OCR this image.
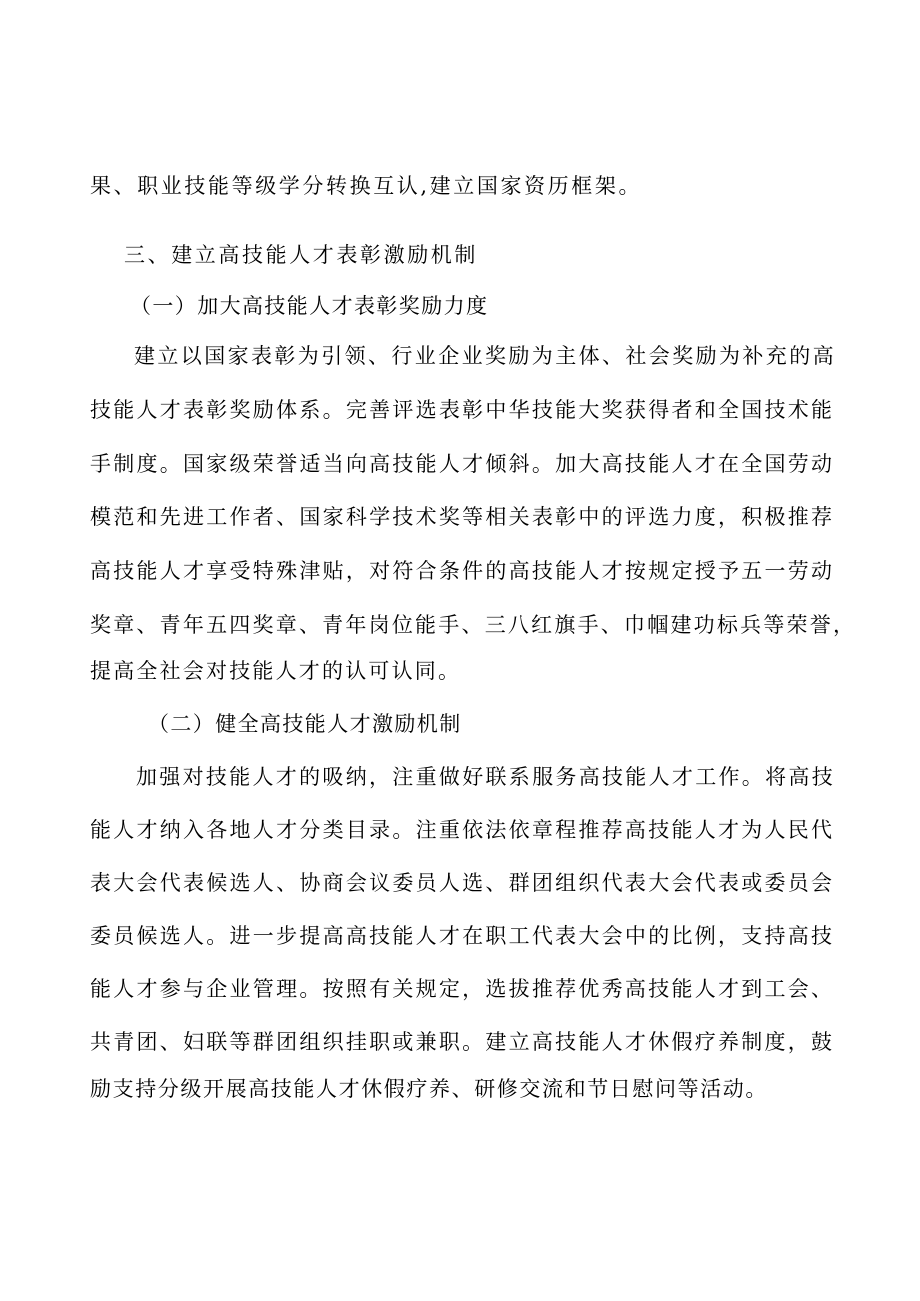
果、职业技能等级学分转换互认,建立国家资历框架。
三、建立高技能人才表彰激励机制
（一）加大高技能人才表彰奖励力度
建立以国家表彰为引领、行业企业奖励为主体、社会奖励为补充的高
技能人才表彰奖励体系。完善评选表彰中华技能大奖获得者和全国技术能
手制度。国家级荣誉适当向高技能人才倾斜。加大高技能人才在全国劳动
模范和先进工作者、国家科学技术奖等相关表彰中的评选力度，积极推荐
高技能人才享受特殊津贴，对符合条件的高技能人才按规定授予五一劳动
奖章、青年五四奖章、青年岗位能手、三八红旗手、巾帼建功标兵等荣誉，
提高全社会对技能人才的认可认同。
（二）健全高技能人才激励机制
加强对技能人才的吸纳，注重做好联系服务高技能人才工作。将高技
能人才纳入各地人才分类目录。注重依法依章程推荐高技能人才为人民代
表大会代表候选人、协商会议委员人选、群团组织代表大会代表或委员会
委员候选人。进一步提高高技能人才在职工代表大会中的比例，支持高技
能人才参与企业管理。按照有关规定，选拔推荐优秀高技能人才到工会、
共青团、妇联等群团组织挂职或兼职。建立高技能人才休假疗养制度，鼓
励支持分级开展高技能人才休假疗养、研修交流和节日慰问等活动。
